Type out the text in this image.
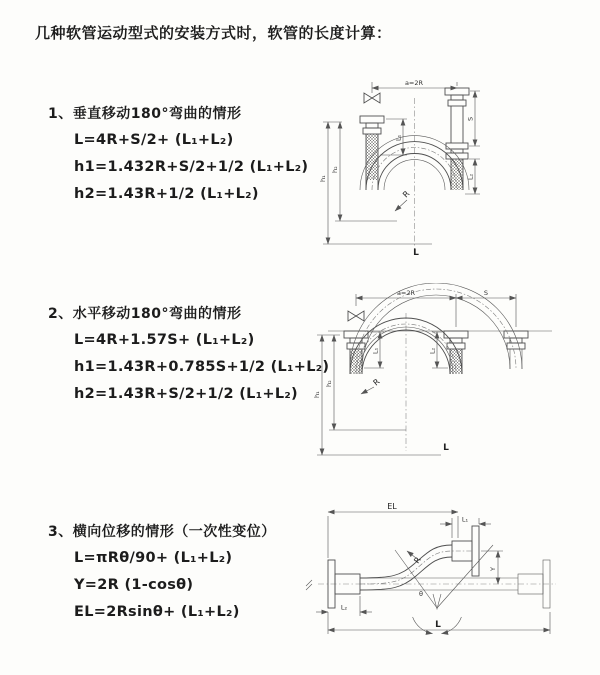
几种软管运动型式的安装方式时，软管的长度计算：
1、垂直移动180°弯曲的情形
L=4R+S/2+ (L₁+L₂)
h1=1.432R+S/2+1/2 (L₁+L₂)
h2=1.43R+1/2 (L₁+L₂)
2、水平移动180°弯曲的情形
L=4R+1.57S+ (L₁+L₂)
h1=1.43R+0.785S+1/2 (L₁+L₂)
h2=1.43R+S/2+1/2 (L₁+L₂)
3、横向位移的情形（一次性变位）
L=πRθ/90+ (L₁+L₂)
Y=2R (1-cosθ)
EL=2Rsinθ+ (L₁+L₂)
a=2R
h₁
h₂
L₁
S
L₂
R
L
a=2R	S
h₁
h₂
L₁	L₂
R
L
EL
L₁
Y
θ
R
L₂
L
